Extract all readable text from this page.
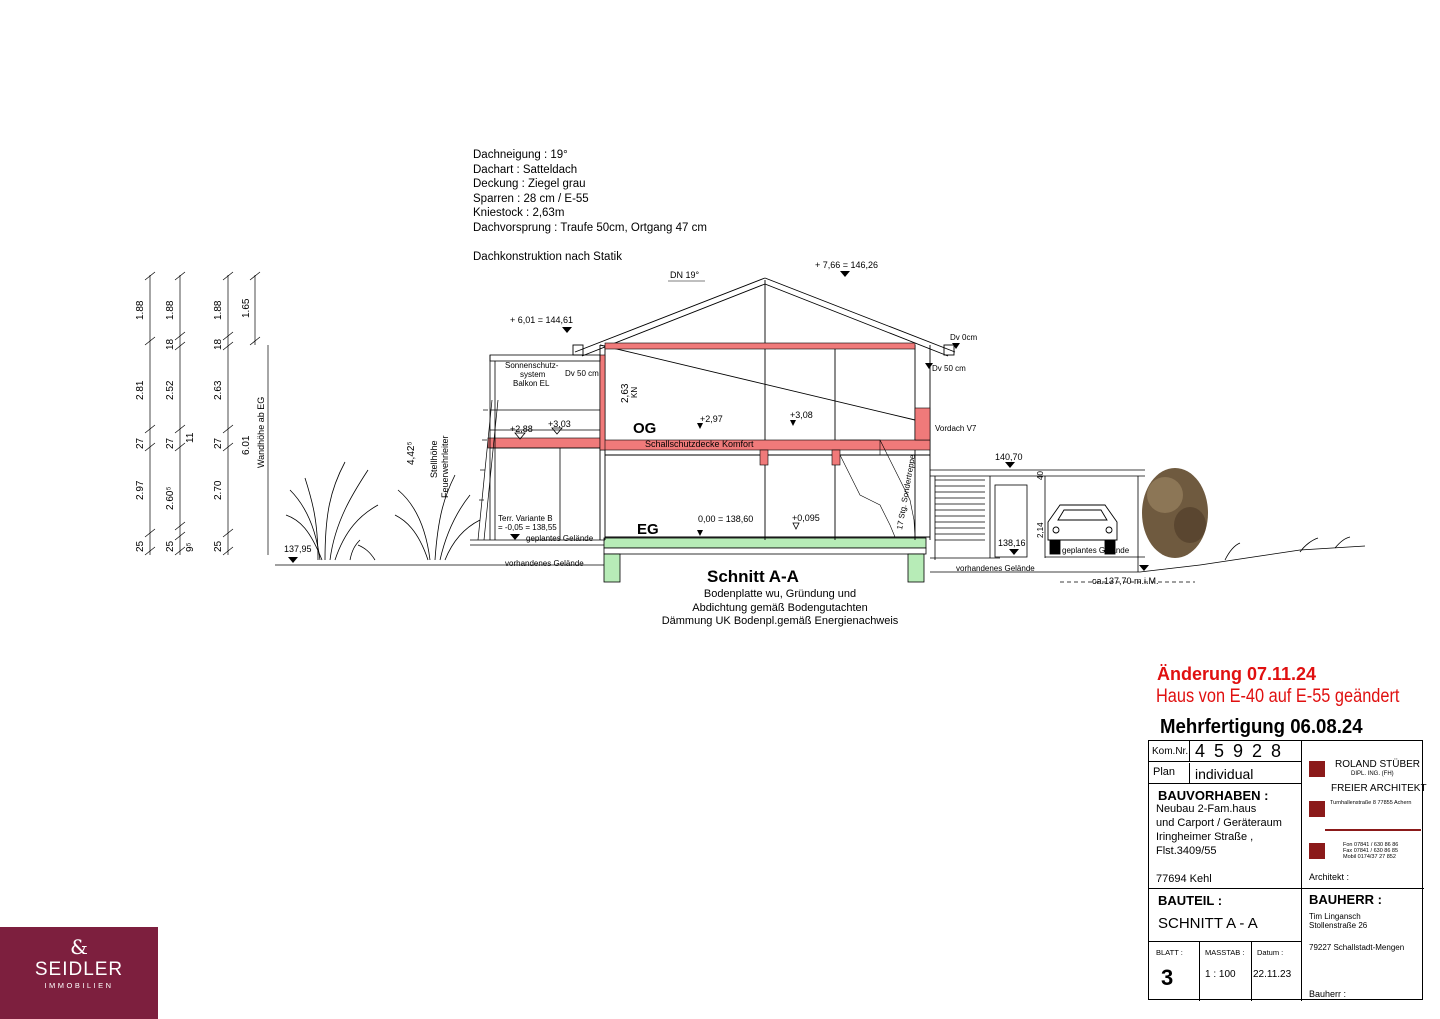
Dachneigung : 19°
Dachart : Satteldach
Deckung : Ziegel grau
Sparren : 28 cm / E-55
Kniestock : 2,63m
Dachvorsprung : Traufe 50cm, Ortgang 47 cm

Dachkonstruktion nach Statik
25
2.97
27
2.81
1.88
25
2.60⁵
27
2.52
18
1.88
9⁵
11
25
2.70
27
2.63
18
1.88
6.01
1.65
Wandhöhe ab EG	4,42⁵ Stellhöhe Feuerwehrleiter
DN 19°
+ 7,66 = 146,26
+ 6,01 = 144,61
Dv 0cm
Dv 50 cm
Dv 50 cm
Sonnenschutz-
system
Balkon EL
2,63 KN
+2,97	+3,08
+2,88 +3,03	OG
Schallschutzdecke Komfort
Vordach V7
EG
0,00 = 138,60	+0,095
Terr. Variante B
= -0,05 = 138,55
geplantes Gelände
geplantes Gelände
vorhandenes Gelände
vorhandenes Gelände
17 Stg. Sondertreppe
137,95
140,70
138,16
2,14
40
ca.137,70 m.i.M.
Schnitt A-A
Bodenplatte wu, Gründung und
Abdichtung gemäß Bodengutachten
Dämmung UK Bodenpl.gemäß Energienachweis
Änderung 07.11.24
Haus von E-40 auf E-55 geändert
Mehrfertigung 06.08.24
Kom.Nr. 4 5 9 2 8
Plan individual
BAUVORHABEN :
Neubau 2-Fam.haus
und Carport / Geräteraum
Iringheimer Straße ,
Flst.3409/55
77694 Kehl
ROLAND STÜBER
DIPL. ING. (FH)
FREIER ARCHITEKT
Turnhallenstraße 8 77855 Achern
Fon 07841 / 630 86 86
Fax 07841 / 630 86 85
Mobil 0174/37 27 852
Architekt :
BAUTEIL :
SCHNITT A - A
BAUHERR :
Tim Lingansch
Stollenstraße 26
79227 Schallstadt-Mengen
BLATT :
3
MASSTAB :
1 : 100
Datum :
22.11.23
Bauherr :
&
SEIDLER
IMMOBILIEN
